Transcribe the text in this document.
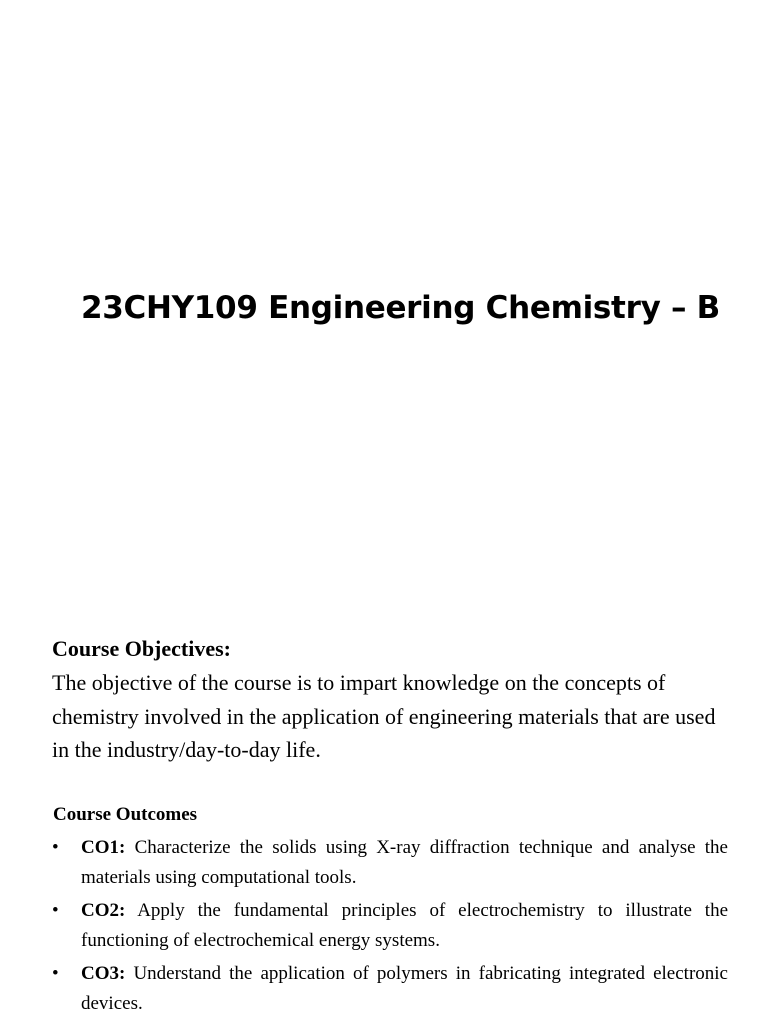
23CHY109 Engineering Chemistry – B
Course Objectives:

The objective of the course is to impart knowledge on the concepts of chemistry involved in the application of engineering materials that are used in the industry/day-to-day life.

Course Outcomes
• CO1: Characterize the solids using X-ray diffraction technique and analyse the materials using computational tools.
• CO2: Apply the fundamental principles of electrochemistry to illustrate the functioning of electrochemical energy systems.
• CO3: Understand the application of polymers in fabricating integrated electronic devices.
